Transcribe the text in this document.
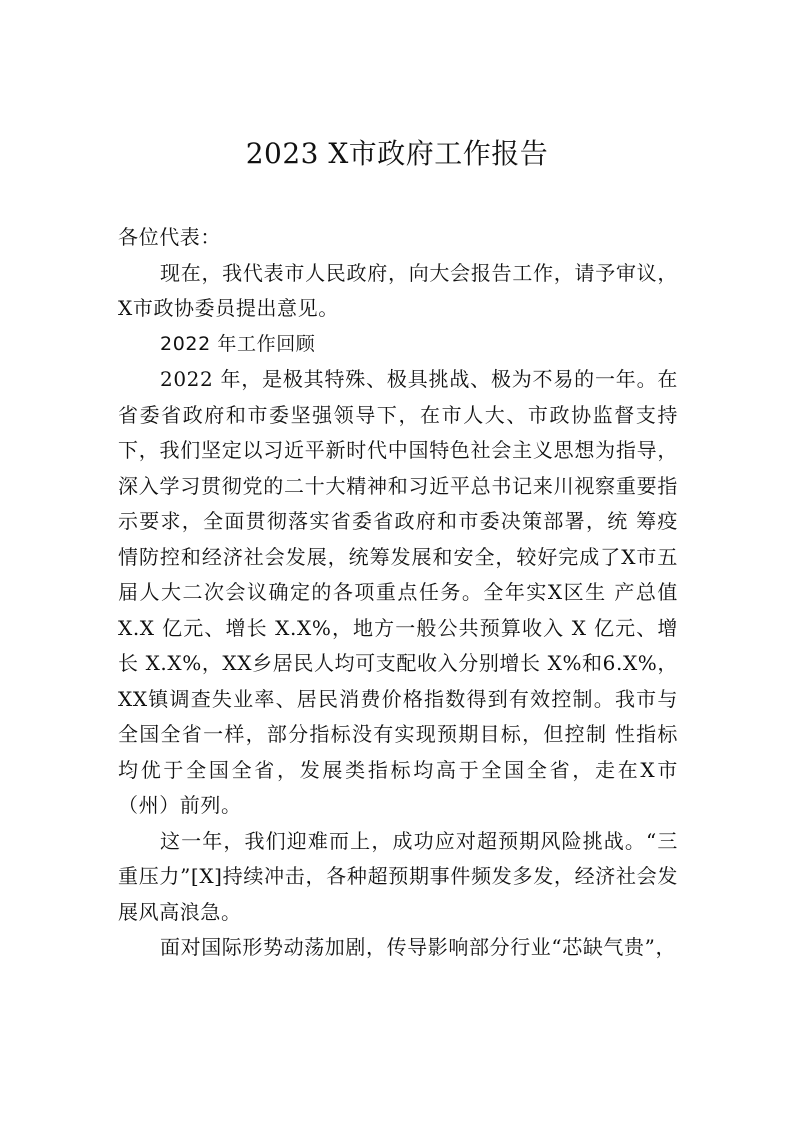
2023 X市政府工作报告

各位代表：

现在，我代表市人民政府，向大会报告工作，请予审议，X市政协委员提出意见。

2022 年工作回顾

2022 年，是极其特殊、极具挑战、极为不易的一年。在省委省政府和市委坚强领导下，在市人大、市政协监督支持 下，我们坚定以习近平新时代中国特色社会主义思想为指导， 深入学习贯彻党的二十大精神和习近平总书记来川视察重要指示要求，全面贯彻落实省委省政府和市委决策部署，统 筹疫情防控和经济社会发展，统筹发展和安全，较好完成了X市五届人大二次会议确定的各项重点任务。全年实X区生 产总值 X.X 亿元、增长 X.X%，地方一般公共预算收入 X 亿元、增长 X.X%，XX乡居民人均可支配收入分别增长 X%和6.X%，XX镇调查失业率、居民消费价格指数得到有效控制。我市与全国全省一样，部分指标没有实现预期目标，但控制 性指标均优于全国全省，发展类指标均高于全国全省，走在X市（州）前列。

这一年，我们迎难而上，成功应对超预期风险挑战。“三重压力”[X]持续冲击，各种超预期事件频发多发，经济社会发展风高浪急。

面对国际形势动荡加剧，传导影响部分行业“芯缺气贵”，
